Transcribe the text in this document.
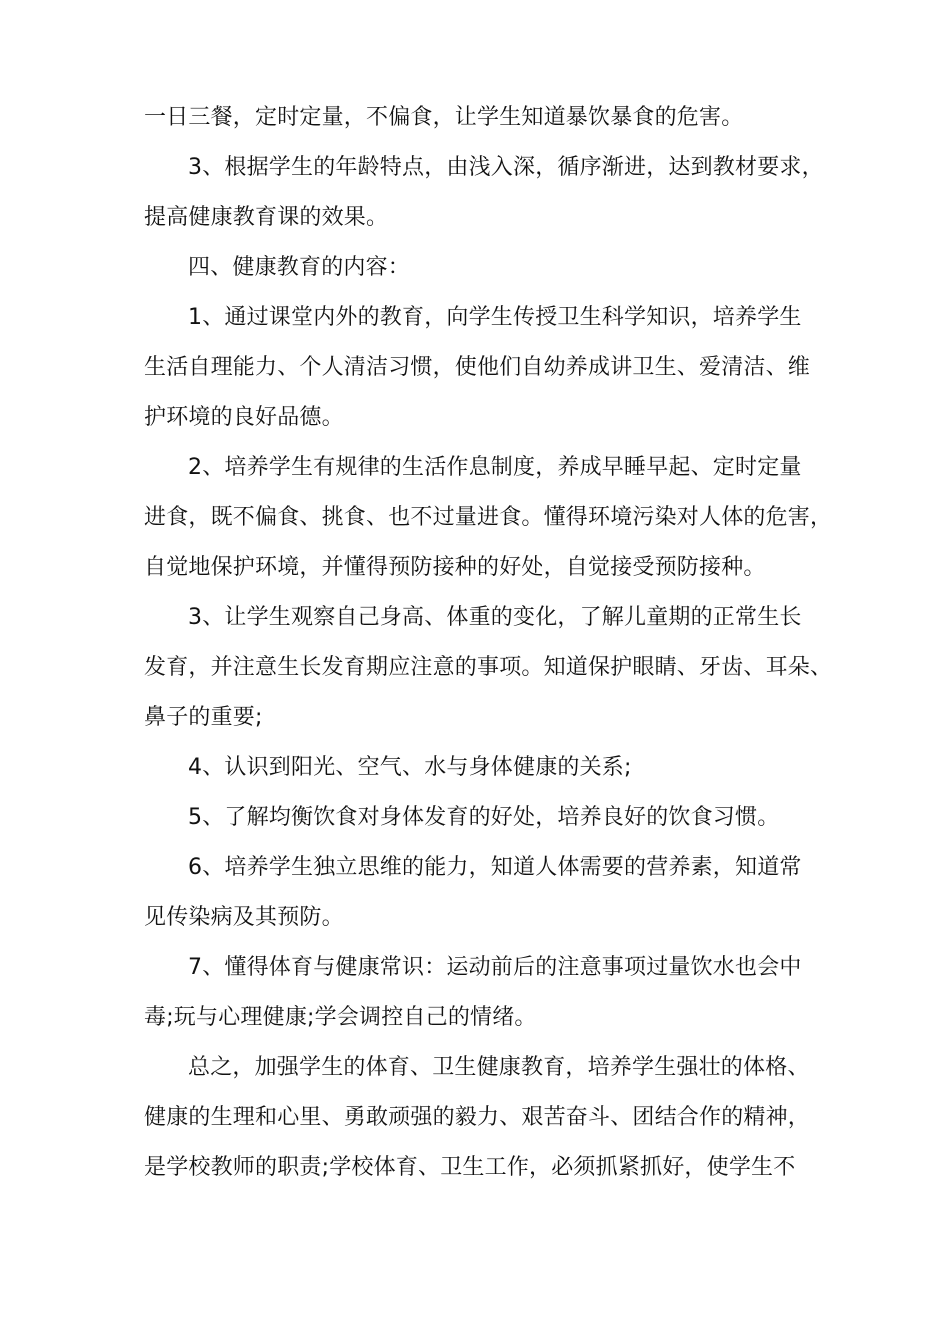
一日三餐，定时定量，不偏食，让学生知道暴饮暴食的危害。
3、根据学生的年龄特点，由浅入深，循序渐进，达到教材要求，
提高健康教育课的效果。
四、健康教育的内容：
1、通过课堂内外的教育，向学生传授卫生科学知识，培养学生
生活自理能力、个人清洁习惯，使他们自幼养成讲卫生、爱清洁、维
护环境的良好品德。
2、培养学生有规律的生活作息制度，养成早睡早起、定时定量
进食，既不偏食、挑食、也不过量进食。懂得环境污染对人体的危害，
自觉地保护环境，并懂得预防接种的好处，自觉接受预防接种。
3、让学生观察自己身高、体重的变化，了解儿童期的正常生长
发育，并注意生长发育期应注意的事项。知道保护眼睛、牙齿、耳朵、
鼻子的重要;
4、认识到阳光、空气、水与身体健康的关系;
5、了解均衡饮食对身体发育的好处，培养良好的饮食习惯。
6、培养学生独立思维的能力，知道人体需要的营养素，知道常
见传染病及其预防。
7、懂得体育与健康常识：运动前后的注意事项过量饮水也会中
毒;玩与心理健康;学会调控自己的情绪。
总之，加强学生的体育、卫生健康教育，培养学生强壮的体格、
健康的生理和心里、勇敢顽强的毅力、艰苦奋斗、团结合作的精神，
是学校教师的职责;学校体育、卫生工作，必须抓紧抓好，使学生不
